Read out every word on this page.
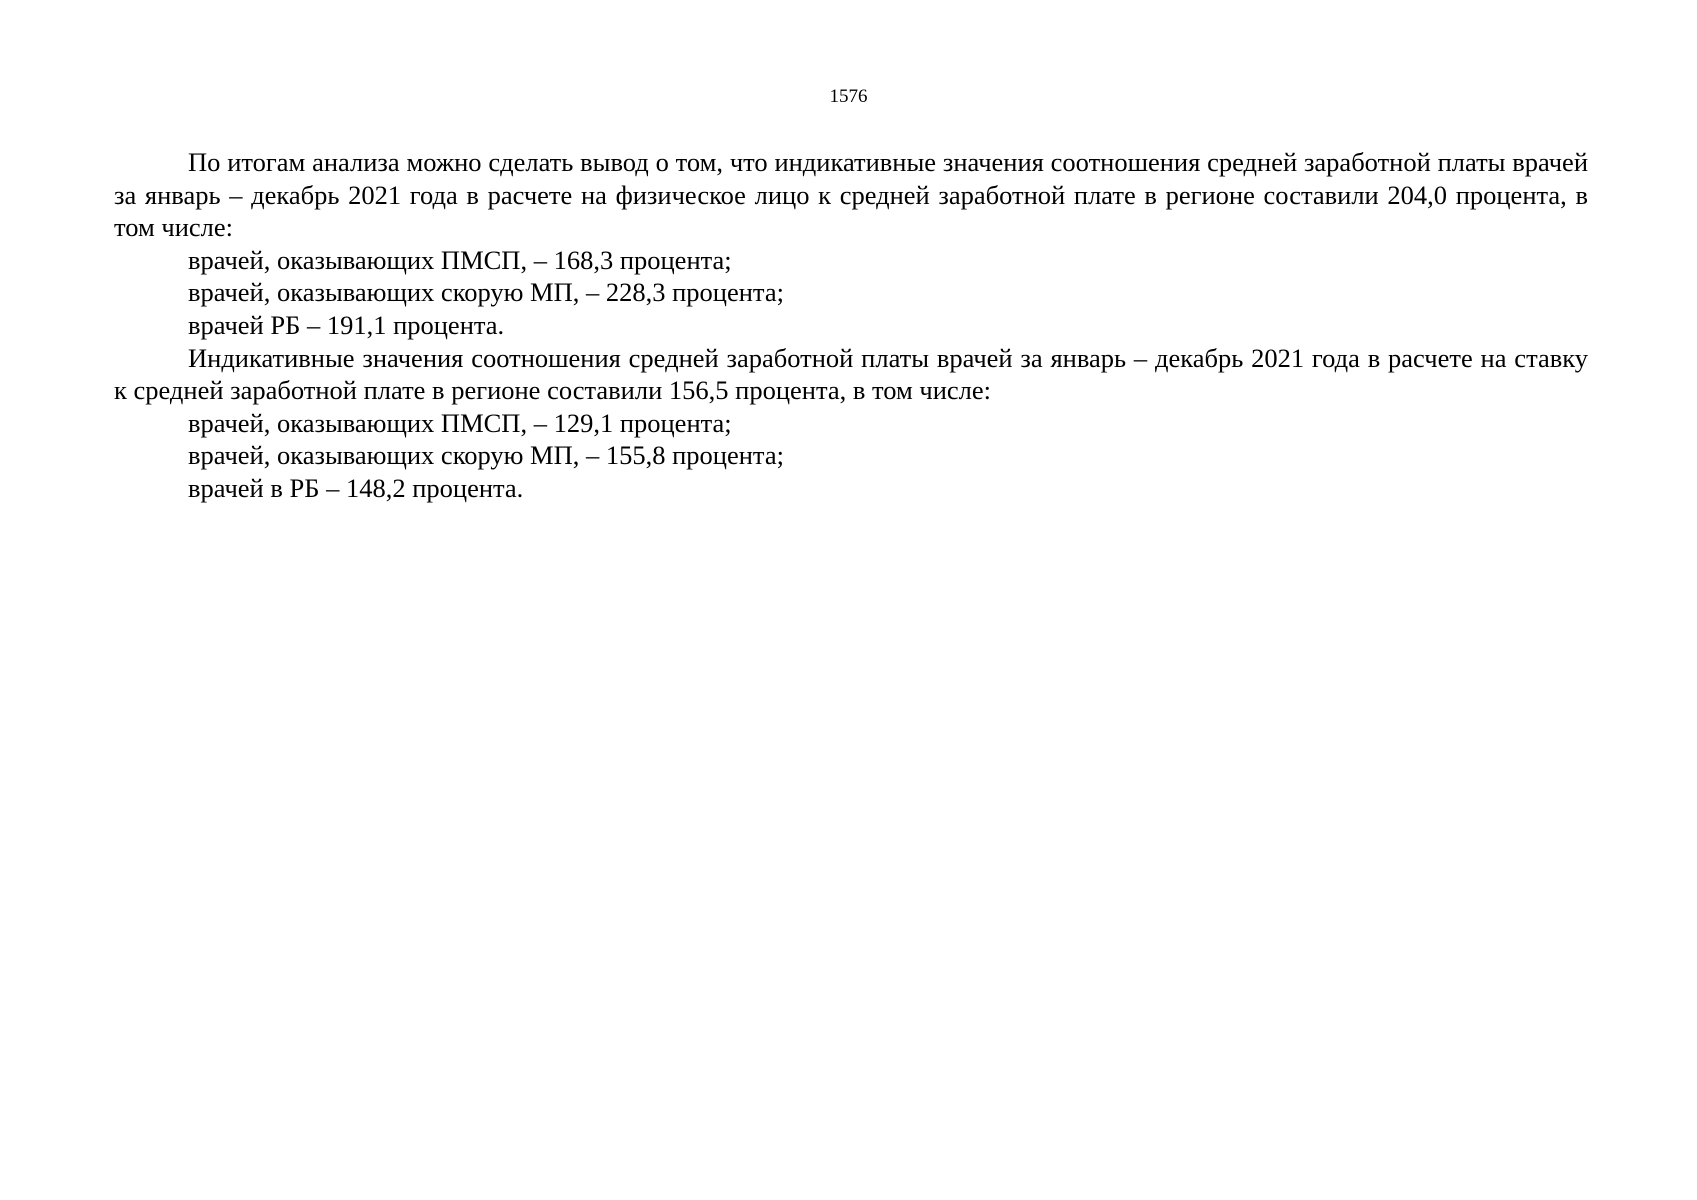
1576

По итогам анализа можно сделать вывод о том, что индикативные значения соотношения средней заработной платы врачей за январь – декабрь 2021 года в расчете на физическое лицо к средней заработной плате в регионе составили 204,0 процента, в том числе:

врачей, оказывающих ПМСП, – 168,3 процента;

врачей, оказывающих скорую МП, – 228,3 процента;

врачей РБ – 191,1 процента.

Индикативные значения соотношения средней заработной платы врачей за январь – декабрь 2021 года в расчете на ставку к средней заработной плате в регионе составили 156,5 процента, в том числе:

врачей, оказывающих ПМСП, – 129,1 процента;

врачей, оказывающих скорую МП, – 155,8 процента;

врачей в РБ – 148,2 процента.
